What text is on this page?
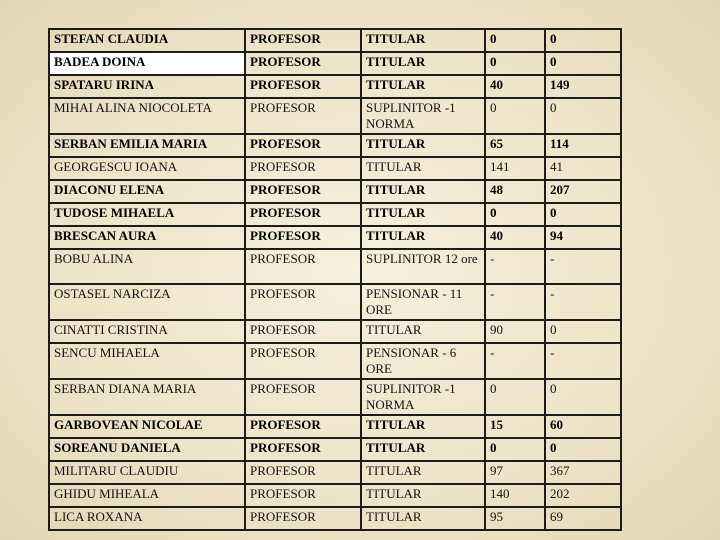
STEFAN CLAUDIA	PROFESOR	TITULAR	0	0
BADEA DOINA	PROFESOR	TITULAR	0	0
SPATARU IRINA	PROFESOR	TITULAR	40	149
MIHAI ALINA NIOCOLETA	PROFESOR	SUPLINITOR -1 NORMA	0	0
SERBAN EMILIA MARIA	PROFESOR	TITULAR	65	114
GEORGESCU IOANA	PROFESOR	TITULAR	141	41
DIACONU ELENA	PROFESOR	TITULAR	48	207
TUDOSE MIHAELA	PROFESOR	TITULAR	0	0
BRESCAN AURA	PROFESOR	TITULAR	40	94
BOBU ALINA	PROFESOR	SUPLINITOR 12 ore	-	-
OSTASEL NARCIZA	PROFESOR	PENSIONAR - 11 ORE	-	-
CINATTI CRISTINA	PROFESOR	TITULAR	90	0
SENCU MIHAELA	PROFESOR	PENSIONAR - 6 ORE	-	-
SERBAN DIANA MARIA	PROFESOR	SUPLINITOR -1 NORMA	0	0
GARBOVEAN NICOLAE	PROFESOR	TITULAR	15	60
SOREANU DANIELA	PROFESOR	TITULAR	0	0
MILITARU CLAUDIU	PROFESOR	TITULAR	97	367
GHIDU MIHEALA	PROFESOR	TITULAR	140	202
LICA ROXANA	PROFESOR	TITULAR	95	69
